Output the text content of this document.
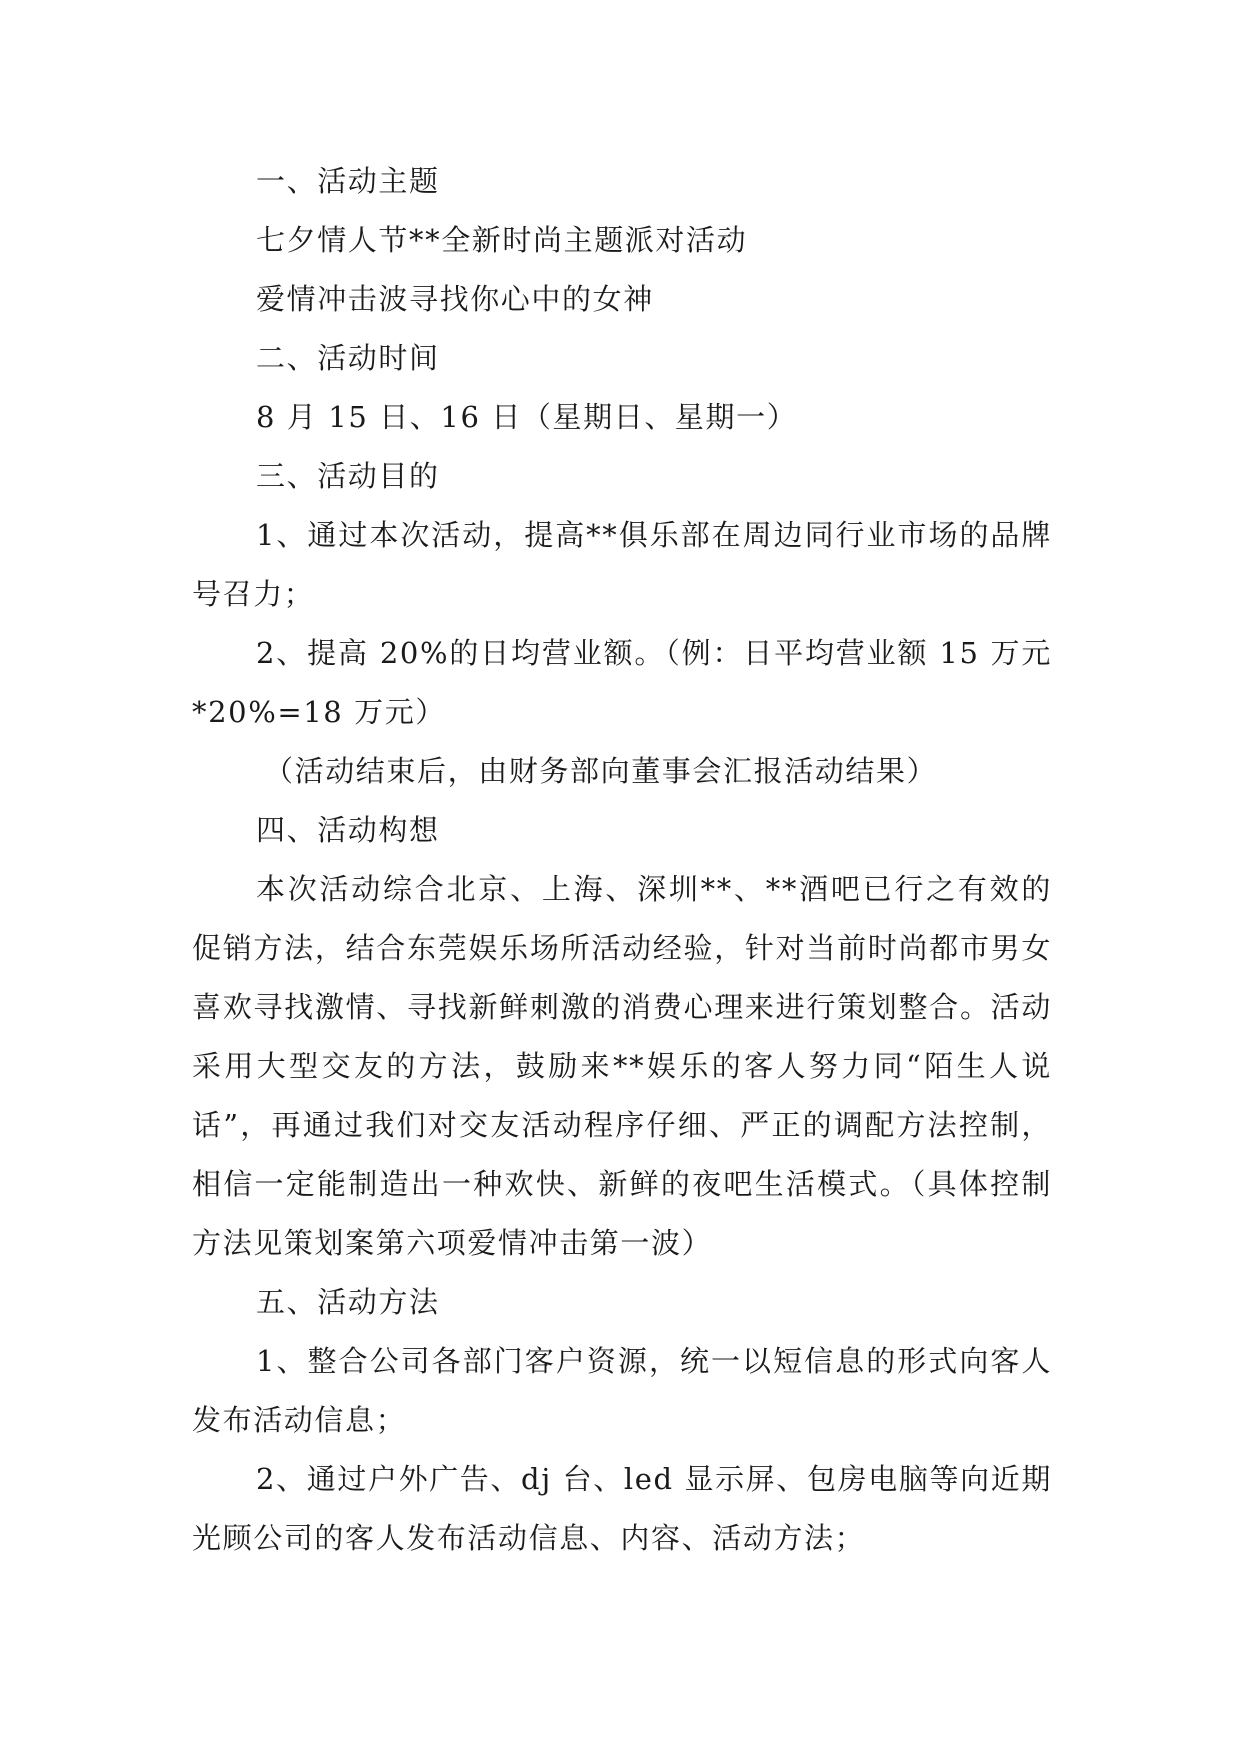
一、活动主题

七夕情人节**全新时尚主题派对活动

爱情冲击波寻找你心中的女神

二、活动时间

8 月 15 日、16 日（星期日、星期一）

三、活动目的

1、通过本次活动，提高**俱乐部在周边同行业市场的品牌号召力；

2、提高 20%的日均营业额。（例：日平均营业额 15 万元*20%=18 万元）

（活动结束后，由财务部向董事会汇报活动结果）

四、活动构想

本次活动综合北京、上海、深圳**、**酒吧已行之有效的促销方法，结合东莞娱乐场所活动经验，针对当前时尚都市男女喜欢寻找激情、寻找新鲜刺激的消费心理来进行策划整合。活动采用大型交友的方法，鼓励来**娱乐的客人努力同“陌生人说话”，再通过我们对交友活动程序仔细、严正的调配方法控制，相信一定能制造出一种欢快、新鲜的夜吧生活模式。（具体控制方法见策划案第六项爱情冲击第一波）

五、活动方法

1、整合公司各部门客户资源，统一以短信息的形式向客人发布活动信息；

2、通过户外广告、dj 台、led 显示屏、包房电脑等向近期光顾公司的客人发布活动信息、内容、活动方法；
